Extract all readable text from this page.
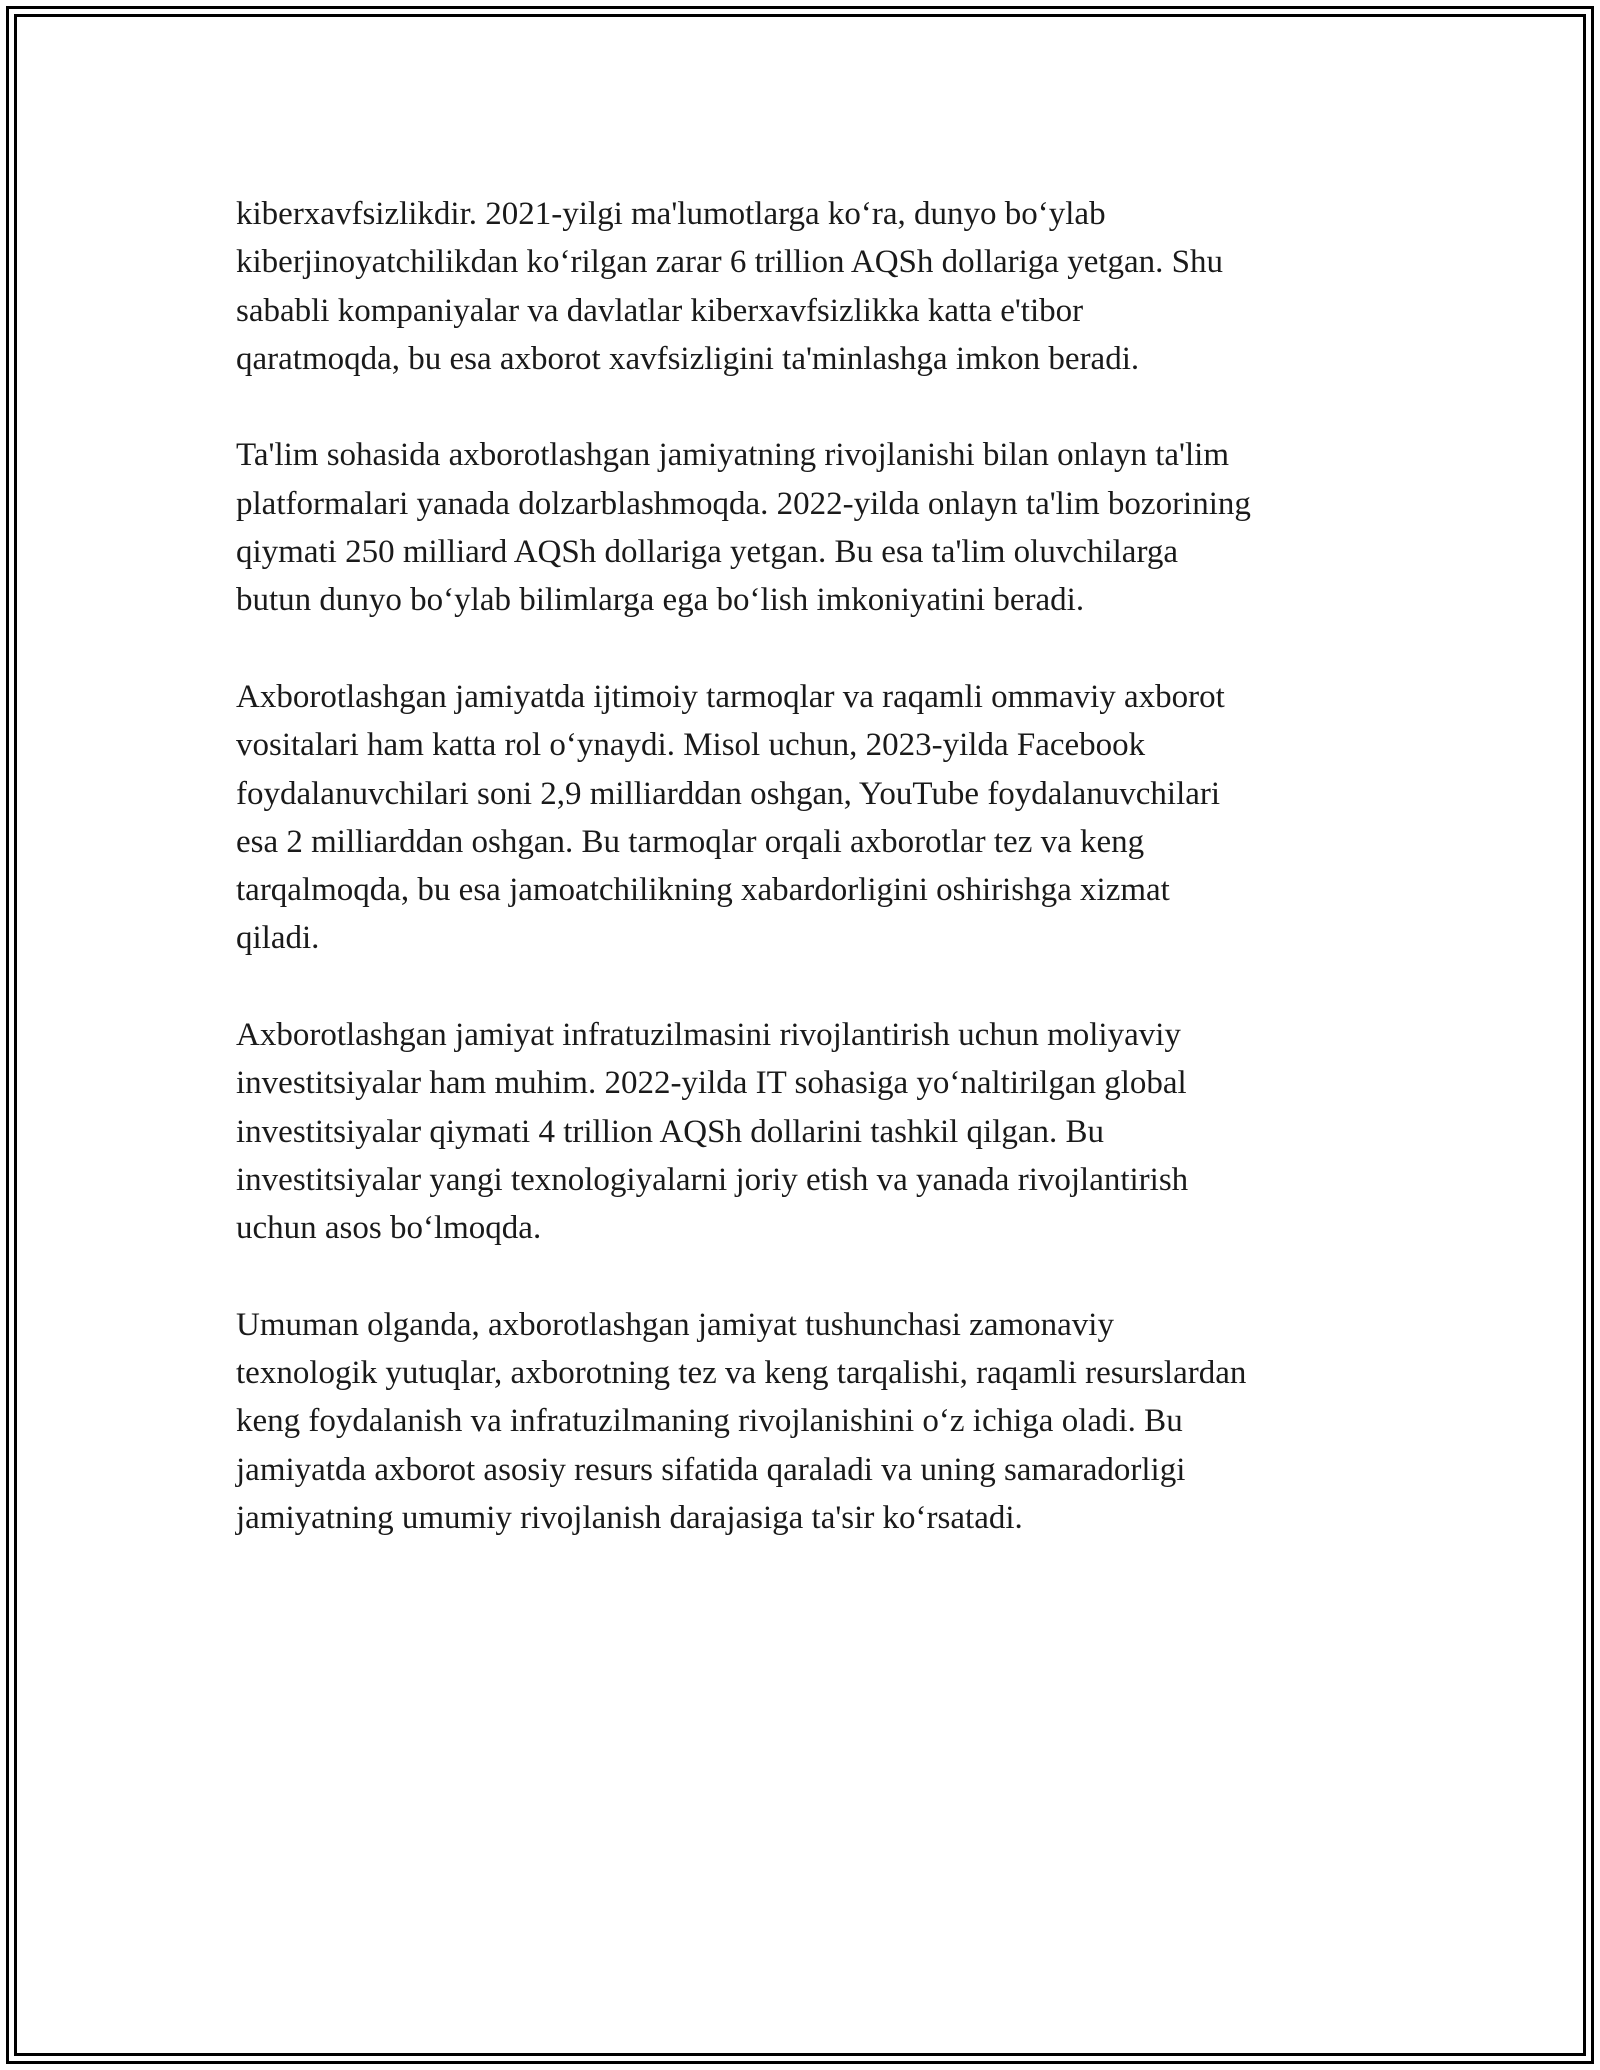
kiberxavfsizlikdir. 2021-yilgi ma'lumotlarga ko‘ra, dunyo bo‘ylab
kiberjinoyatchilikdan ko‘rilgan zarar 6 trillion AQSh dollariga yetgan. Shu
sababli kompaniyalar va davlatlar kiberxavfsizlikka katta e'tibor
qaratmoqda, bu esa axborot xavfsizligini ta'minlashga imkon beradi.

Ta'lim sohasida axborotlashgan jamiyatning rivojlanishi bilan onlayn ta'lim
platformalari yanada dolzarblashmoqda. 2022-yilda onlayn ta'lim bozorining
qiymati 250 milliard AQSh dollariga yetgan. Bu esa ta'lim oluvchilarga
butun dunyo bo‘ylab bilimlarga ega bo‘lish imkoniyatini beradi.

Axborotlashgan jamiyatda ijtimoiy tarmoqlar va raqamli ommaviy axborot
vositalari ham katta rol o‘ynaydi. Misol uchun, 2023-yilda Facebook
foydalanuvchilari soni 2,9 milliarddan oshgan, YouTube foydalanuvchilari
esa 2 milliarddan oshgan. Bu tarmoqlar orqali axborotlar tez va keng
tarqalmoqda, bu esa jamoatchilikning xabardorligini oshirishga xizmat
qiladi.

Axborotlashgan jamiyat infratuzilmasini rivojlantirish uchun moliyaviy
investitsiyalar ham muhim. 2022-yilda IT sohasiga yo‘naltirilgan global
investitsiyalar qiymati 4 trillion AQSh dollarini tashkil qilgan. Bu
investitsiyalar yangi texnologiyalarni joriy etish va yanada rivojlantirish
uchun asos bo‘lmoqda.

Umuman olganda, axborotlashgan jamiyat tushunchasi zamonaviy
texnologik yutuqlar, axborotning tez va keng tarqalishi, raqamli resurslardan
keng foydalanish va infratuzilmaning rivojlanishini o‘z ichiga oladi. Bu
jamiyatda axborot asosiy resurs sifatida qaraladi va uning samaradorligi
jamiyatning umumiy rivojlanish darajasiga ta'sir ko‘rsatadi.
